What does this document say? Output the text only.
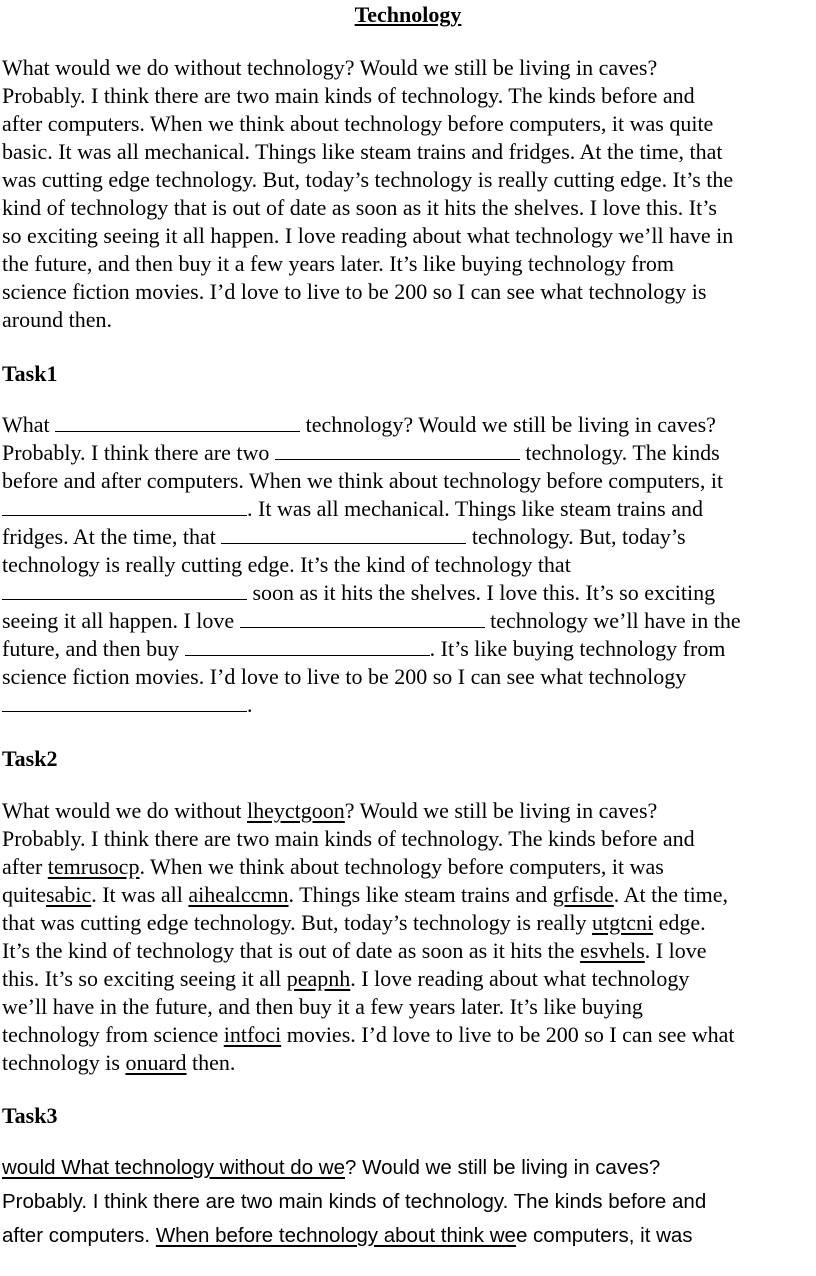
Technology
What would we do without technology? Would we still be living in caves?
Probably. I think there are two main kinds of technology. The kinds before and
after computers. When we think about technology before computers, it was quite
basic. It was all mechanical. Things like steam trains and fridges. At the time, that
was cutting edge technology. But, today’s technology is really cutting edge. It’s the
kind of technology that is out of date as soon as it hits the shelves. I love this. It’s
so exciting seeing it all happen. I love reading about what technology we’ll have in
the future, and then buy it a few years later. It’s like buying technology from
science fiction movies. I’d love to live to be 200 so I can see what technology is
around then.
Task1
What	technology? Would we still be living in caves?
Probably. I think there are two	technology. The kinds
before and after computers. When we think about technology before computers, it
. It was all mechanical. Things like steam trains and
fridges. At the time, that	technology. But, today’s
technology is really cutting edge. It’s the kind of technology that
soon as it hits the shelves. I love this. It’s so exciting
seeing it all happen. I love	technology we’ll have in the
future, and then buy	. It’s like buying technology from
science fiction movies. I’d love to live to be 200 so I can see what technology
.
Task2
What would we do without lheyctgoon? Would we still be living in caves?
Probably. I think there are two main kinds of technology. The kinds before and
after temrusocp. When we think about technology before computers, it was
quitesabic. It was all aihealccmn. Things like steam trains and grfisde. At the time,
that was cutting edge technology. But, today’s technology is really utgtcni edge.
It’s the kind of technology that is out of date as soon as it hits the esvhels. I love
this. It’s so exciting seeing it all peapnh. I love reading about what technology
we’ll have in the future, and then buy it a few years later. It’s like buying
technology from science intfoci movies. I’d love to live to be 200 so I can see what
technology is onuard then.
Task3
would What technology without do we? Would we still be living in caves?
Probably. I think there are two main kinds of technology. The kinds before and
after computers. When before technology about think wee computers, it was
